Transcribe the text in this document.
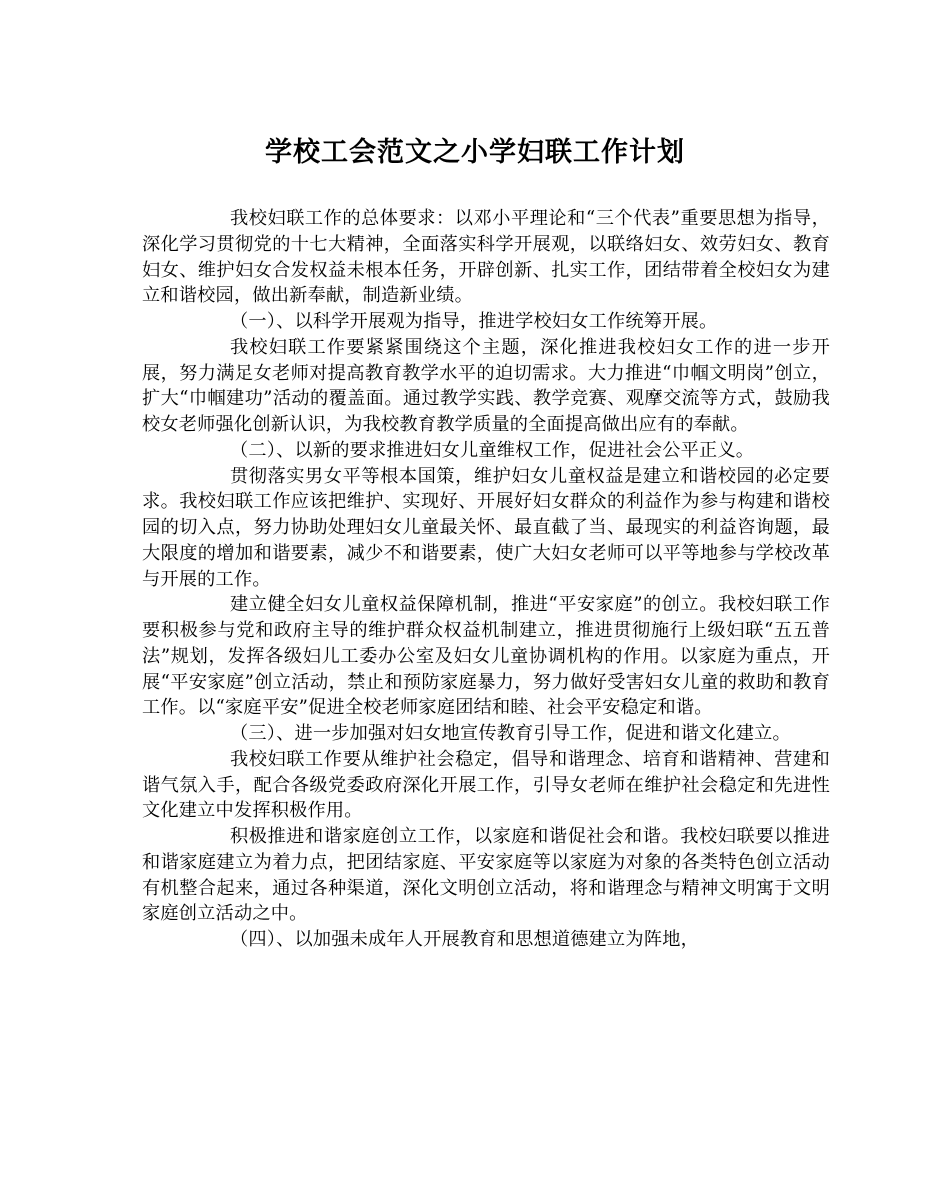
学校工会范文之小学妇联工作计划

我校妇联工作的总体要求：以邓小平理论和“三个代表”重要思想为指导，深化学习贯彻党的十七大精神，全面落实科学开展观，以联络妇女、效劳妇女、教育妇女、维护妇女合发权益未根本任务，开辟创新、扎实工作，团结带着全校妇女为建立和谐校园，做出新奉献，制造新业绩。

（一）、以科学开展观为指导，推进学校妇女工作统筹开展。

我校妇联工作要紧紧围绕这个主题，深化推进我校妇女工作的进一步开展，努力满足女老师对提高教育教学水平的迫切需求。大力推进“巾帼文明岗”创立，扩大“巾帼建功”活动的覆盖面。通过教学实践、教学竞赛、观摩交流等方式，鼓励我校女老师强化创新认识，为我校教育教学质量的全面提高做出应有的奉献。

（二）、以新的要求推进妇女儿童维权工作，促进社会公平正义。

贯彻落实男女平等根本国策，维护妇女儿童权益是建立和谐校园的必定要求。我校妇联工作应该把维护、实现好、开展好妇女群众的利益作为参与构建和谐校园的切入点，努力协助处理妇女儿童最关怀、最直截了当、最现实的利益咨询题，最大限度的增加和谐要素，减少不和谐要素，使广大妇女老师可以平等地参与学校改革与开展的工作。

建立健全妇女儿童权益保障机制，推进“平安家庭”的创立。我校妇联工作要积极参与党和政府主导的维护群众权益机制建立，推进贯彻施行上级妇联“五五普法”规划，发挥各级妇儿工委办公室及妇女儿童协调机构的作用。以家庭为重点，开展“平安家庭”创立活动，禁止和预防家庭暴力，努力做好受害妇女儿童的救助和教育工作。以“家庭平安”促进全校老师家庭团结和睦、社会平安稳定和谐。

（三）、进一步加强对妇女地宣传教育引导工作，促进和谐文化建立。

我校妇联工作要从维护社会稳定，倡导和谐理念、培育和谐精神、营建和谐气氛入手，配合各级党委政府深化开展工作，引导女老师在维护社会稳定和先进性文化建立中发挥积极作用。

积极推进和谐家庭创立工作，以家庭和谐促社会和谐。我校妇联要以推进和谐家庭建立为着力点，把团结家庭、平安家庭等以家庭为对象的各类特色创立活动有机整合起来，通过各种渠道，深化文明创立活动，将和谐理念与精神文明寓于文明家庭创立活动之中。

（四）、以加强未成年人开展教育和思想道德建立为阵地，
